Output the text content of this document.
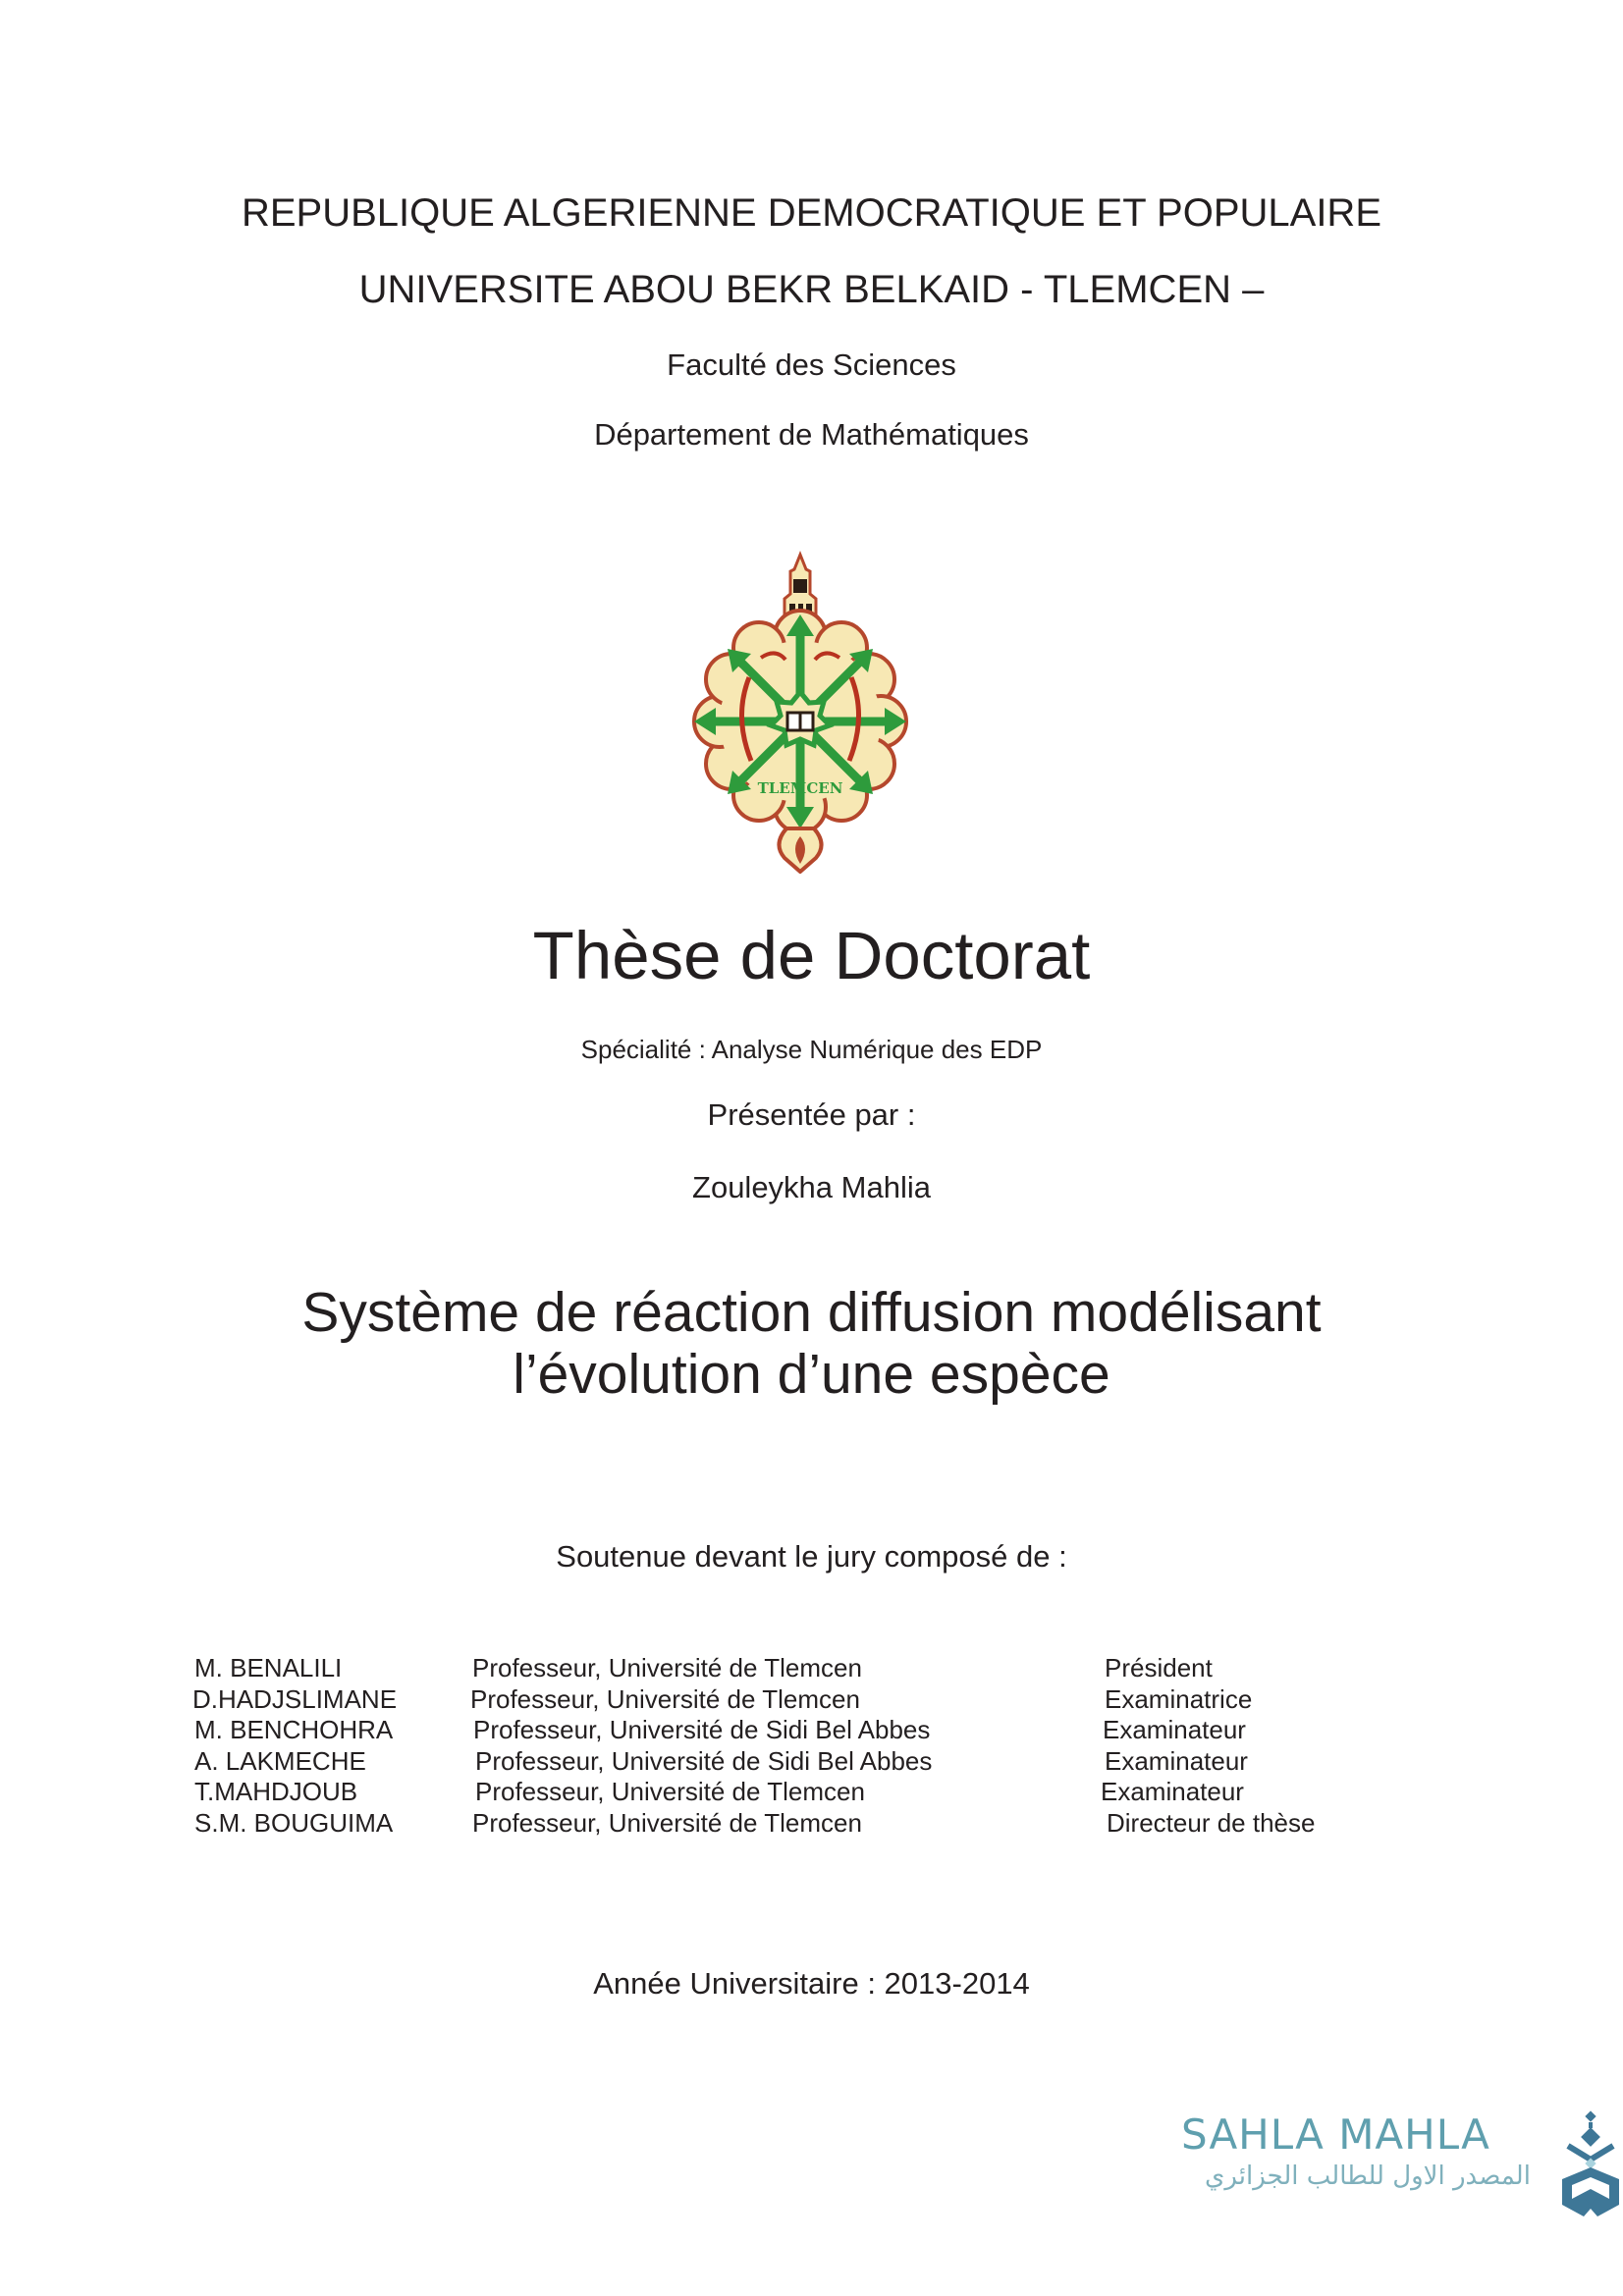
REPUBLIQUE ALGERIENNE DEMOCRATIQUE ET POPULAIRE
UNIVERSITE ABOU BEKR BELKAID - TLEMCEN –
Faculté des Sciences
Département de Mathématiques
TLEMCEN
Thèse de Doctorat
Spécialité : Analyse Numérique des EDP
Présentée par :
Zouleykha Mahlia
Système de réaction diffusion modélisant
l’évolution d’une espèce
Soutenue devant le jury composé de :
M. BENALILI	Professeur, Université de Tlemcen	Président
D.HADJSLIMANE	Professeur, Université de Tlemcen	Examinatrice
M. BENCHOHRA	Professeur, Université de Sidi Bel Abbes	Examinateur
A. LAKMECHE	Professeur, Université de Sidi Bel Abbes	Examinateur
T.MAHDJOUB	Professeur, Université de Tlemcen	Examinateur
S.M. BOUGUIMA	Professeur, Université de Tlemcen	Directeur de thèse
Année Universitaire : 2013-2014
SAHLA MAHLA
المصدر الاول للطالب الجزائري
